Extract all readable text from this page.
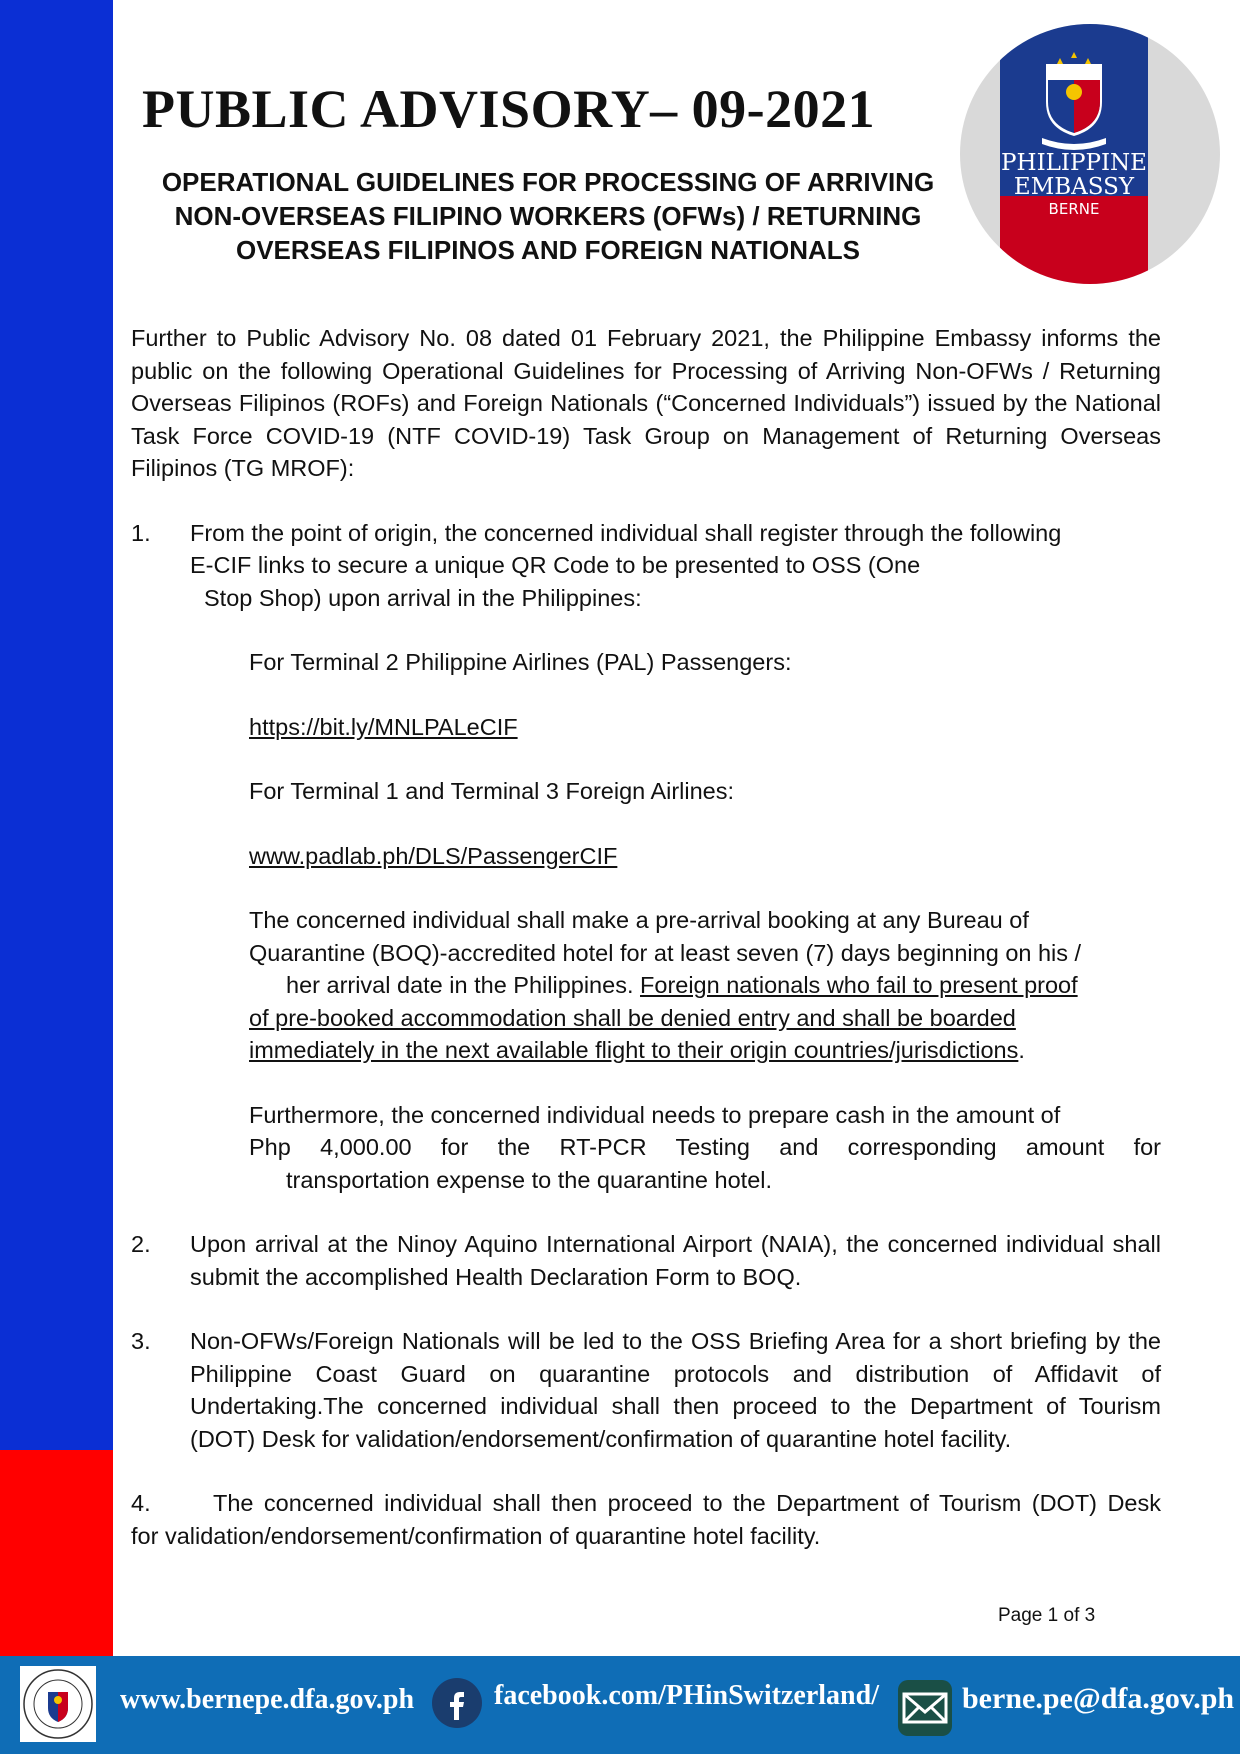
PUBLIC ADVISORY– 09-2021
OPERATIONAL GUIDELINES FOR PROCESSING OF ARRIVING NON-OVERSEAS FILIPINO WORKERS (OFWs) / RETURNING OVERSEAS FILIPINOS AND FOREIGN NATIONALS
PHILIPPINE
EMBASSY
BERNE

Further to Public Advisory No. 08 dated 01 February 2021, the Philippine Embassy informs the public on the following Operational Guidelines for Processing of Arriving Non-OFWs / Returning Overseas Filipinos (ROFs) and Foreign Nationals (“Concerned Individuals”) issued by the National Task Force COVID-19 (NTF COVID-19) Task Group on Management of Returning Overseas Filipinos (TG MROF):

1.	From the point of origin, the concerned individual shall register through the following
E-CIF links to secure a unique QR Code to be presented to OSS (One
Stop Shop) upon arrival in the Philippines:

For Terminal 2 Philippine Airlines (PAL) Passengers:

https://bit.ly/MNLPALeCIF

For Terminal 1 and Terminal 3 Foreign Airlines:

www.padlab.ph/DLS/PassengerCIF

The concerned individual shall make a pre-arrival booking at any Bureau of
Quarantine (BOQ)-accredited hotel for at least seven (7) days beginning on his /
her arrival date in the Philippines. Foreign nationals who fail to present proof
of pre-booked accommodation shall be denied entry and shall be boarded
immediately in the next available flight to their origin countries/jurisdictions.
Furthermore, the concerned individual needs to prepare cash in the amount of
Php 4,000.00 for the RT-PCR Testing and corresponding amount for
transportation expense to the quarantine hotel.
2.	Upon arrival at the Ninoy Aquino International Airport (NAIA), the concerned individual shall submit the accomplished Health Declaration Form to BOQ.
3.	Non-OFWs/Foreign Nationals will be led to the OSS Briefing Area for a short briefing by the Philippine Coast Guard on quarantine protocols and distribution of Affidavit of Undertaking.The concerned individual shall then proceed to the Department of Tourism (DOT) Desk for validation/endorsement/confirmation of quarantine hotel facility.
4.	The concerned individual shall then proceed to the Department of Tourism (DOT) Desk
for validation/endorsement/confirmation of quarantine hotel facility.
Page 1 of 3
www.bernepe.dfa.gov.ph	facebook.com/PHinSwitzerland/	berne.pe@dfa.gov.ph
